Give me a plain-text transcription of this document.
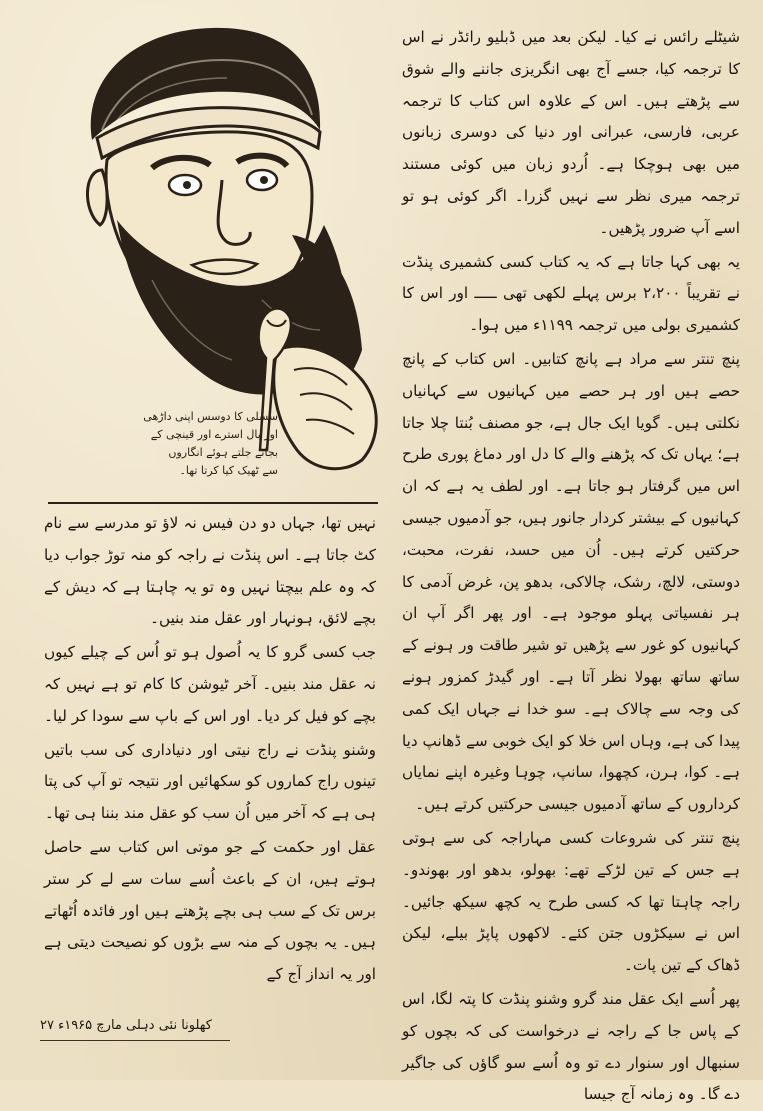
سسلی کا دوسس اپنی داڑھی
اور بال استرے اور قینچی کے بجائے جلتے ہوئے انگاروں
سے ٹھیک کیا کرتا تھا۔

شیٹلے رائس نے کیا۔ لیکن بعد میں ڈبلیو رائڈر نے اس کا ترجمہ کیا، جسے آج بھی انگریزی جاننے والے شوق سے پڑھتے ہیں۔ اس کے علاوہ اس کتاب کا ترجمہ عربی، فارسی، عبرانی اور دنیا کی دوسری زبانوں میں بھی ہوچکا ہے۔ اُردو زبان میں کوئی مستند ترجمہ میری نظر سے نہیں گزرا۔ اگر کوئی ہو تو اسے آپ ضرور پڑھیں۔

یہ بھی کہا جاتا ہے کہ یہ کتاب کسی کشمیری پنڈت نے تقریباً ۲،۲۰۰ برس پہلے لکھی تھی ـــــ اور اس کا کشمیری بولی میں ترجمہ ۱۱۹۹ء میں ہوا۔

پنچ تنتر سے مراد ہے پانچ کتابیں۔ اس کتاب کے پانچ حصے ہیں اور ہر حصے میں کہانیوں سے کہانیاں نکلتی ہیں۔ گویا ایک جال ہے، جو مصنف بُنتا چلا جاتا ہے؛ یہاں تک کہ پڑھنے والے کا دل اور دماغ پوری طرح اس میں گرفتار ہو جاتا ہے۔ اور لطف یہ ہے کہ ان کہانیوں کے بیشتر کردار جانور ہیں، جو آدمیوں جیسی حرکتیں کرتے ہیں۔ اُن میں حسد، نفرت، محبت، دوستی، لالچ، رشک، چالاکی، بدھو پن، غرض آدمی کا ہر نفسیاتی پہلو موجود ہے۔ اور پھر اگر آپ ان کہانیوں کو غور سے پڑھیں تو شیر طاقت ور ہونے کے ساتھ ساتھ بھولا نظر آتا ہے۔ اور گیدڑ کمزور ہونے کی وجہ سے چالاک ہے۔ سو خدا نے جہاں ایک کمی پیدا کی ہے، وہاں اس خلا کو ایک خوبی سے ڈھانپ دیا ہے۔ کوا، ہرن، کچھوا، سانپ، چوہا وغیرہ اپنے نمایاں کرداروں کے ساتھ آدمیوں جیسی حرکتیں کرتے ہیں۔

پنچ تنتر کی شروعات کسی مہاراجہ کی سے ہوتی ہے جس کے تین لڑکے تھے: بھولو، بدھو اور بھوندو۔ راجہ چاہتا تھا کہ کسی طرح یہ کچھ سیکھ جائیں۔ اس نے سیکڑوں جتن کئے۔ لاکھوں پاپڑ بیلے، لیکن ڈھاک کے تین پات۔

پھر اُسے ایک عقل مند گرو وشنو پنڈت کا پتہ لگا، اس کے پاس جا کے راجہ نے درخواست کی کہ بچوں کو سنبھال اور سنوار دے تو وہ اُسے سو گاؤں کی جاگیر دے گا۔ وہ زمانہ آج جیسا

نہیں تھا، جہاں دو دن فیس نہ لاؤ تو مدرسے سے نام کٹ جاتا ہے۔ اس پنڈت نے راجہ کو منہ توڑ جواب دیا کہ وہ علم بیچتا نہیں وہ تو یہ چاہتا ہے کہ دیش کے بچے لائق، ہونہار اور عقل مند بنیں۔

جب کسی گرو کا یہ اُصول ہو تو اُس کے چیلے کیوں نہ عقل مند بنیں۔ آخر ٹیوشن کا کام تو ہے نہیں کہ بچے کو فیل کر دیا۔ اور اس کے باپ سے سودا کر لیا۔

وشنو پنڈت نے راج نیتی اور دنیاداری کی سب باتیں تینوں راج کماروں کو سکھائیں اور نتیجہ تو آپ کی پتا ہی ہے کہ آخر میں اُن سب کو عقل مند بننا ہی تھا۔

عقل اور حکمت کے جو موتی اس کتاب سے حاصل ہوتے ہیں، ان کے باعث اُسے سات سے لے کر ستر برس تک کے سب ہی بچے پڑھتے ہیں اور فائدہ اُٹھاتے ہیں۔ یہ بچوں کے منہ سے بڑوں کو نصیحت دیتی ہے اور یہ انداز آج کے

کھلونا نئی دہلی مارچ ۱۹۶۵ء ۲۷
